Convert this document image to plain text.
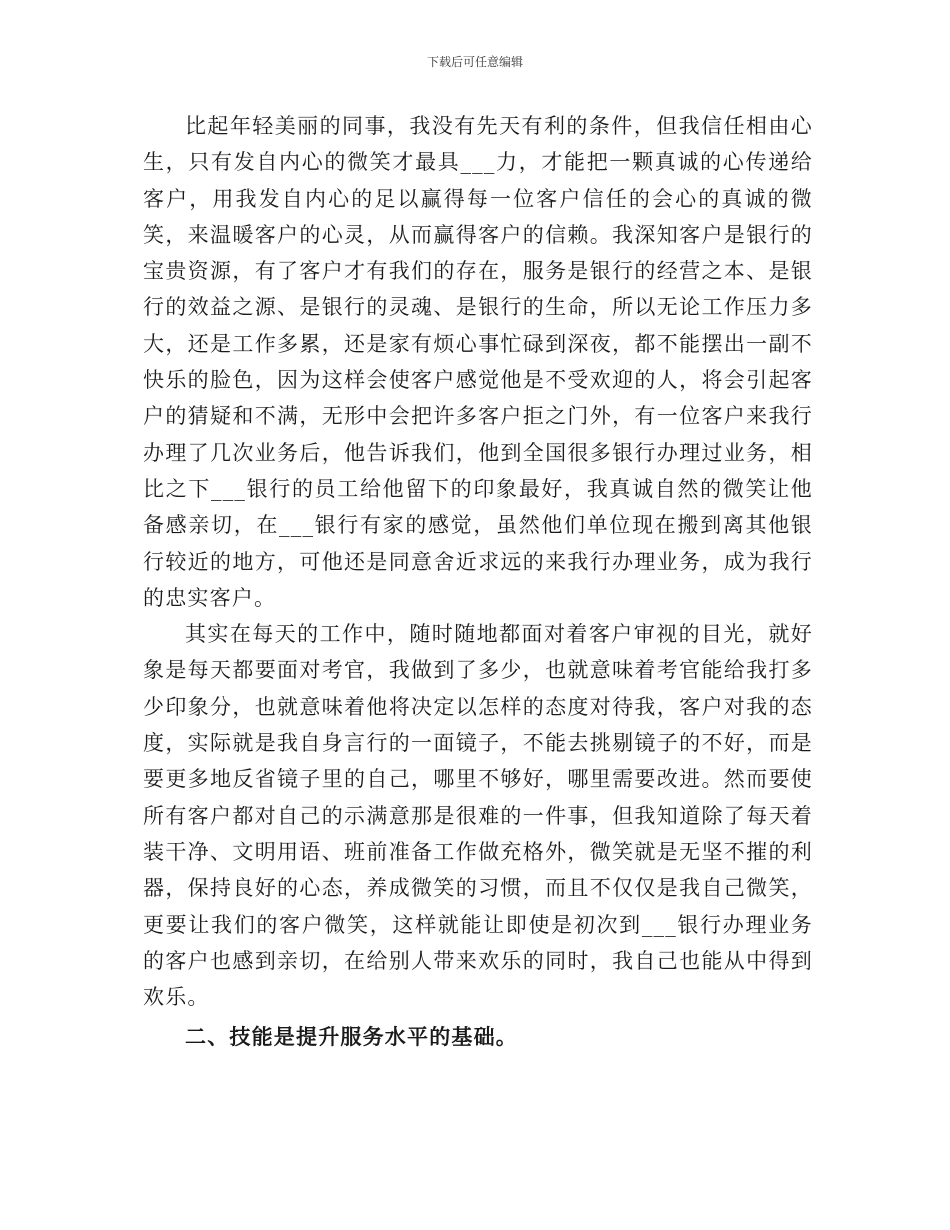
下载后可任意编辑

比起年轻美丽的同事，我没有先天有利的条件，但我信任相由心生，只有发自内心的微笑才最具___力，才能把一颗真诚的心传递给客户，用我发自内心的足以赢得每一位客户信任的会心的真诚的微笑，来温暖客户的心灵，从而赢得客户的信赖。我深知客户是银行的宝贵资源，有了客户才有我们的存在，服务是银行的经营之本、是银行的效益之源、是银行的灵魂、是银行的生命，所以无论工作压力多大，还是工作多累，还是家有烦心事忙碌到深夜，都不能摆出一副不快乐的脸色，因为这样会使客户感觉他是不受欢迎的人，将会引起客户的猜疑和不满，无形中会把许多客户拒之门外，有一位客户来我行办理了几次业务后，他告诉我们，他到全国很多银行办理过业务，相比之下___银行的员工给他留下的印象最好，我真诚自然的微笑让他备感亲切，在___银行有家的感觉，虽然他们单位现在搬到离其他银行较近的地方，可他还是同意舍近求远的来我行办理业务，成为我行的忠实客户。

其实在每天的工作中，随时随地都面对着客户审视的目光，就好象是每天都要面对考官，我做到了多少，也就意味着考官能给我打多少印象分，也就意味着他将决定以怎样的态度对待我，客户对我的态度，实际就是我自身言行的一面镜子，不能去挑剔镜子的不好，而是要更多地反省镜子里的自己，哪里不够好，哪里需要改进。然而要使所有客户都对自己的示满意那是很难的一件事，但我知道除了每天着装干净、文明用语、班前准备工作做充格外，微笑就是无坚不摧的利器，保持良好的心态，养成微笑的习惯，而且不仅仅是我自己微笑，更要让我们的客户微笑，这样就能让即使是初次到___银行办理业务的客户也感到亲切，在给别人带来欢乐的同时，我自己也能从中得到欢乐。

二、技能是提升服务水平的基础。
